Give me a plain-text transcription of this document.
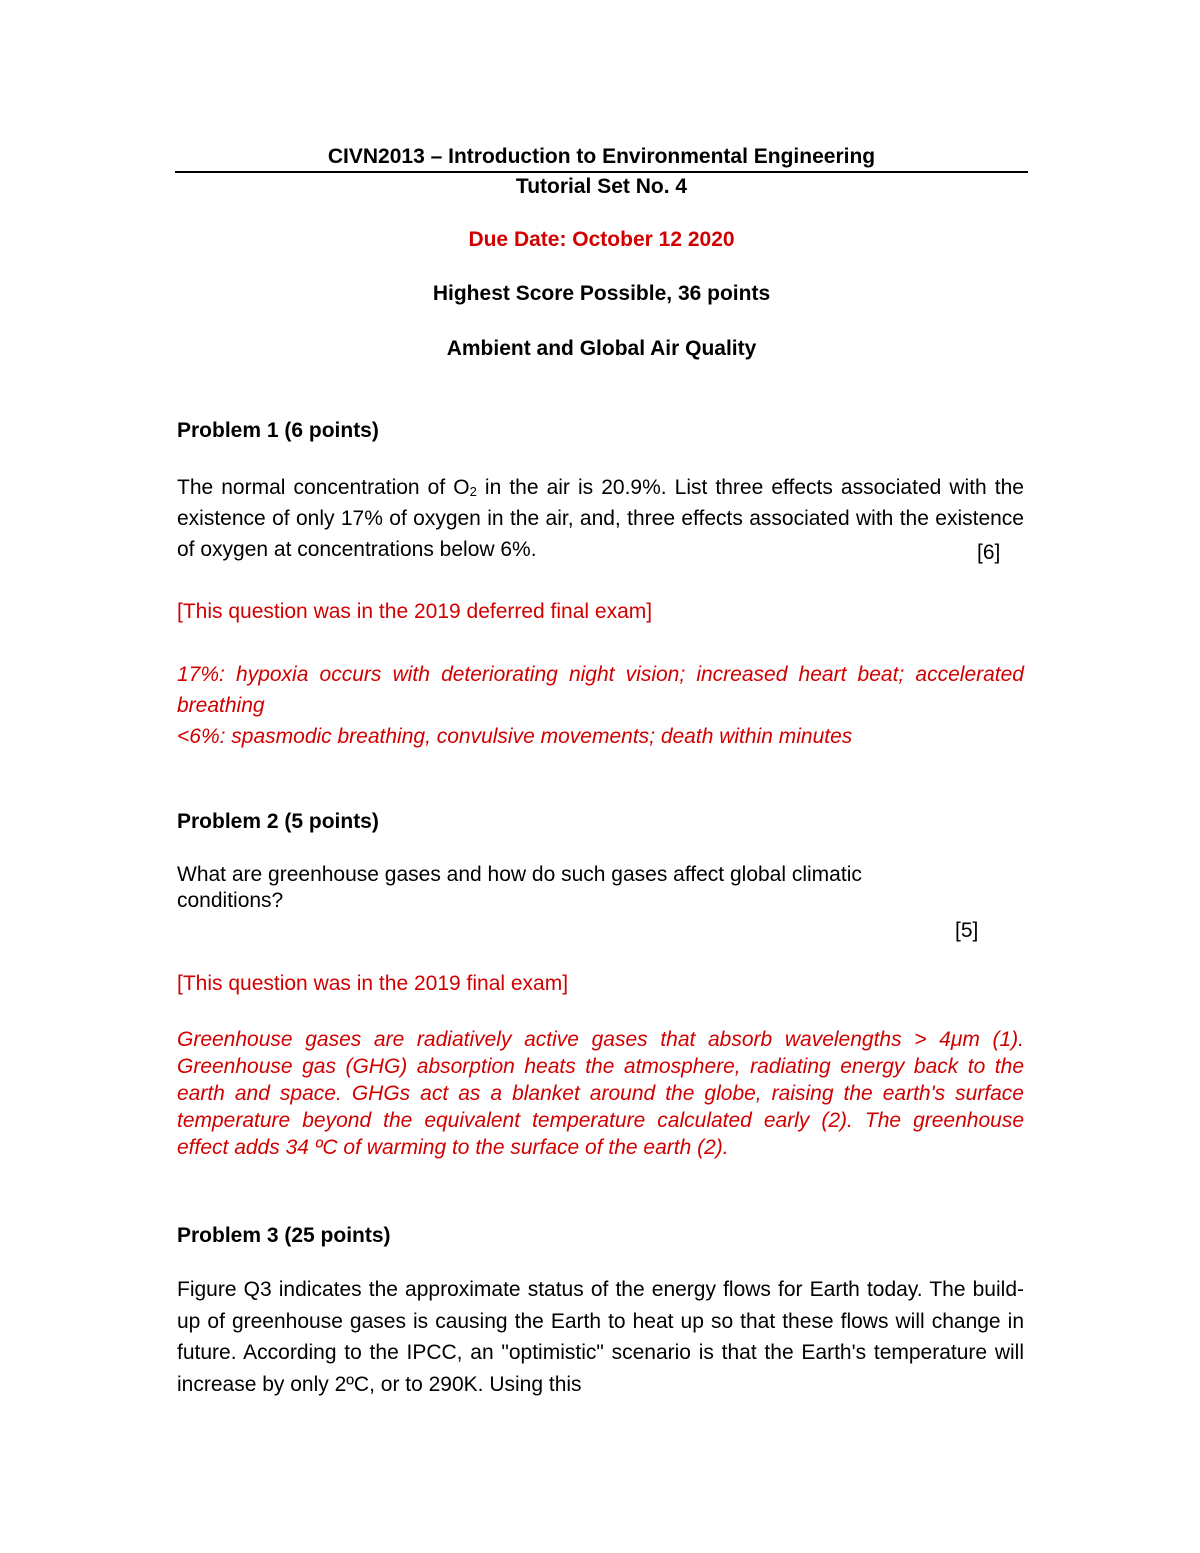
CIVN2013 – Introduction to Environmental Engineering
Tutorial Set No. 4
Due Date: October 12 2020
Highest Score Possible, 36 points
Ambient and Global Air Quality
Problem 1 (6 points)
The normal concentration of $O_2$ in the air is 20.9%. List three effects associated with the existence of only 17% of oxygen in the air, and, three effects associated with the existence of oxygen at concentrations below 6%.	[6]
[This question was in the 2019 deferred final exam]
17%: hypoxia occurs with deteriorating night vision; increased heart beat; accelerated breathing
<6%: spasmodic breathing, convulsive movements; death within minutes
Problem 2 (5 points)
What are greenhouse gases and how do such gases affect global climatic conditions?
[5]
[This question was in the 2019 final exam]
Greenhouse gases are radiatively active gases that absorb wavelengths > 4μm (1). Greenhouse gas (GHG) absorption heats the atmosphere, radiating energy back to the earth and space. GHGs act as a blanket around the globe, raising the earth's surface temperature beyond the equivalent temperature calculated early (2). The greenhouse effect adds 34 ºC of warming to the surface of the earth (2).
Problem 3 (25 points)
Figure Q3 indicates the approximate status of the energy flows for Earth today. The build-up of greenhouse gases is causing the Earth to heat up so that these flows will change in future. According to the IPCC, an "optimistic" scenario is that the Earth's temperature will increase by only 2ºC, or to 290K. Using this
